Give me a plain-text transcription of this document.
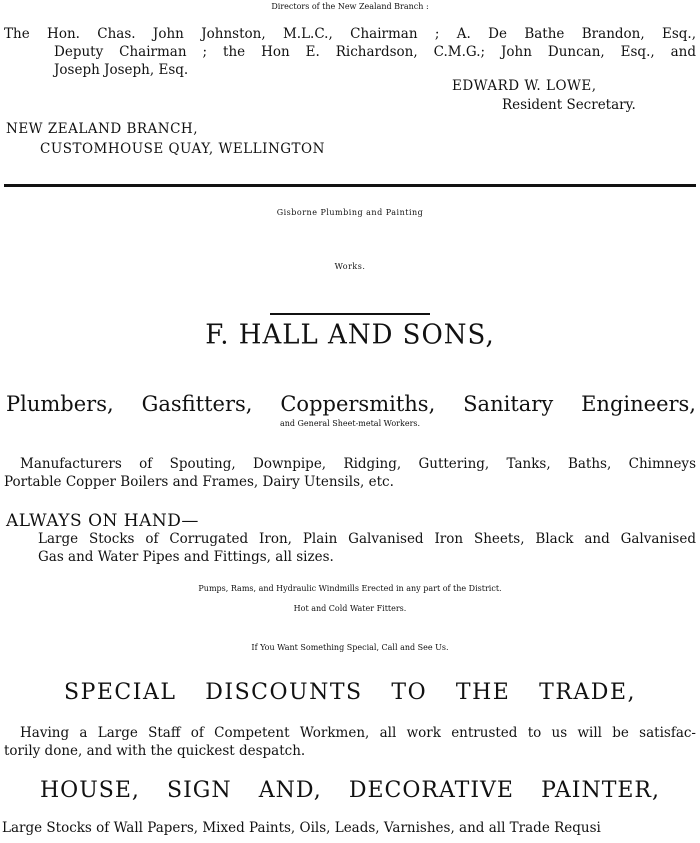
Directors of the New Zealand Branch :
The Hon. Chas. John Johnston, M.L.C., Chairman ; A. De Bathe Brandon, Esq.,
Deputy Chairman ; the Hon E. Richardson, C.M.G.; John Duncan, Esq., and
Joseph Joseph, Esq.
EDWARD W. LOWE,
Resident Secretary.
NEW ZEALAND BRANCH,
CUSTOMHOUSE QUAY, WELLINGTON
Gisborne Plumbing and Painting
Works.
F. HALL AND SONS,
Plumbers, Gasfitters, Coppersmiths, Sanitary Engineers,
and General Sheet-metal Workers.
Manufacturers of Spouting, Downpipe, Ridging, Guttering, Tanks, Baths, Chimneys
Portable Copper Boilers and Frames, Dairy Utensils, etc.
ALWAYS ON HAND—
Large Stocks of Corrugated Iron, Plain Galvanised Iron Sheets, Black and Galvanised
Gas and Water Pipes and Fittings, all sizes.
Pumps, Rams, and Hydraulic Windmills Erected in any part of the District.
Hot and Cold Water Fitters.
If You Want Something Special, Call and See Us.
SPECIAL DISCOUNTS TO THE TRADE,
Having a Large Staff of Competent Workmen, all work entrusted to us will be satisfac-
torily done, and with the quickest despatch.
HOUSE, SIGN AND, DECORATIVE PAINTER,
Large Stocks of Wall Papers, Mixed Paints, Oils, Leads, Varnishes, and all Trade Requsi
